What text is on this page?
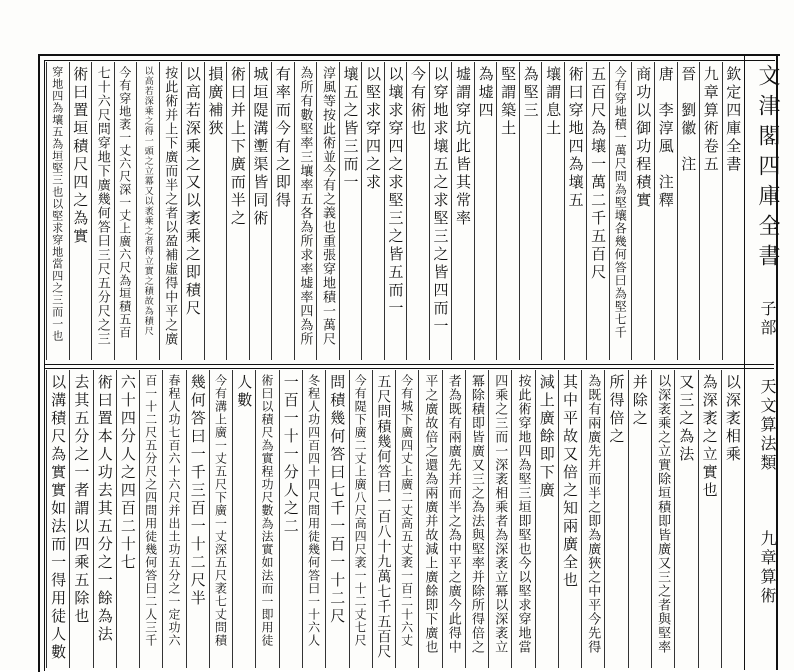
文津閣四庫全書
子部
天文算法類
九章算術
欽定四庫全書
九章算術卷五
晉　劉徽　注
唐　李淳風　注釋
商功以御功程積實
今有穿地積一萬尺問為堅壤各幾何答曰為堅七千
五百尺為壤一萬二千五百尺
術曰穿地四為壤五
壤謂息土
為堅三
堅謂築土
為墟四
墟謂穿坑此皆其常率
以穿地求壤五之求堅三之皆四而一
今有術也
以壤求穿四之求堅三之皆五而一
以堅求穿四之求
壤五之皆三而一
淳風等按此術並今有之義也重張穿地積一萬尺
為所有數堅率三壤率五各為所求率墟率四為所
有率而今有之即得
城垣隄溝壍渠皆同術
術曰并上下廣而半之
損廣補狹
以高若深乘之又以袤乘之即積尺
按此術并上下廣而半之者以盈補虛得中平之廣
以高若深乘之得一頭之立冪又以袤乘之者得立實之積故為積尺
今有穿地袤一丈六尺深一丈上廣六尺為垣積五百
七十六尺問穿地下廣幾何答曰三尺五分尺之三
術曰置垣積尺四之為實
穿地四為壤五為垣堅三也以堅求穿地當四之三而一也
以深袤相乘
為深袤之立實也
又三之為法
以深袤乘之立實除垣積即皆廣又三之者與堅率
并除之
所得倍之
為既有兩廣先并而半之即為廣狹之中平今先得
其中平故又倍之知兩廣全也
減上廣餘即下廣
按此術穿地四為堅三垣即堅也今以堅求穿地當
四乘之三而一深袤相乘者為深袤立冪以深袤立
冪除積即皆廣又三之為法與堅率并除所得倍之
者為既有兩廣先并而半之為中平之廣今此得中
平之廣故倍之還為兩廣并故減上廣餘即下廣也
今有城下廣四丈上廣二丈高五丈袤一百二十六丈
五尺問積幾何答曰一百八十九萬七千五百尺
今有隄下廣二丈上廣八尺高四尺袤一十二丈七尺
問積幾何答曰七千一百一十二尺
冬程人功四百四十四尺問用徒幾何答曰一十六人
一百一十一分人之二
術曰以積尺為實程功尺數為法實如法而一即用徒
人數
今有溝上廣一丈五尺下廣一丈深五尺袤七丈問積
幾何答曰一千三百一十二尺半
春程人功七百六十六尺并出土功五分之一定功六
百一十二尺五分尺之四問用徒幾何答曰二人三千
六十四分人之四百二十七
術曰置本人功去其五分之一餘為法
去其五分之一者謂以四乘五除也
以溝積尺為實實如法而一得用徒人數
